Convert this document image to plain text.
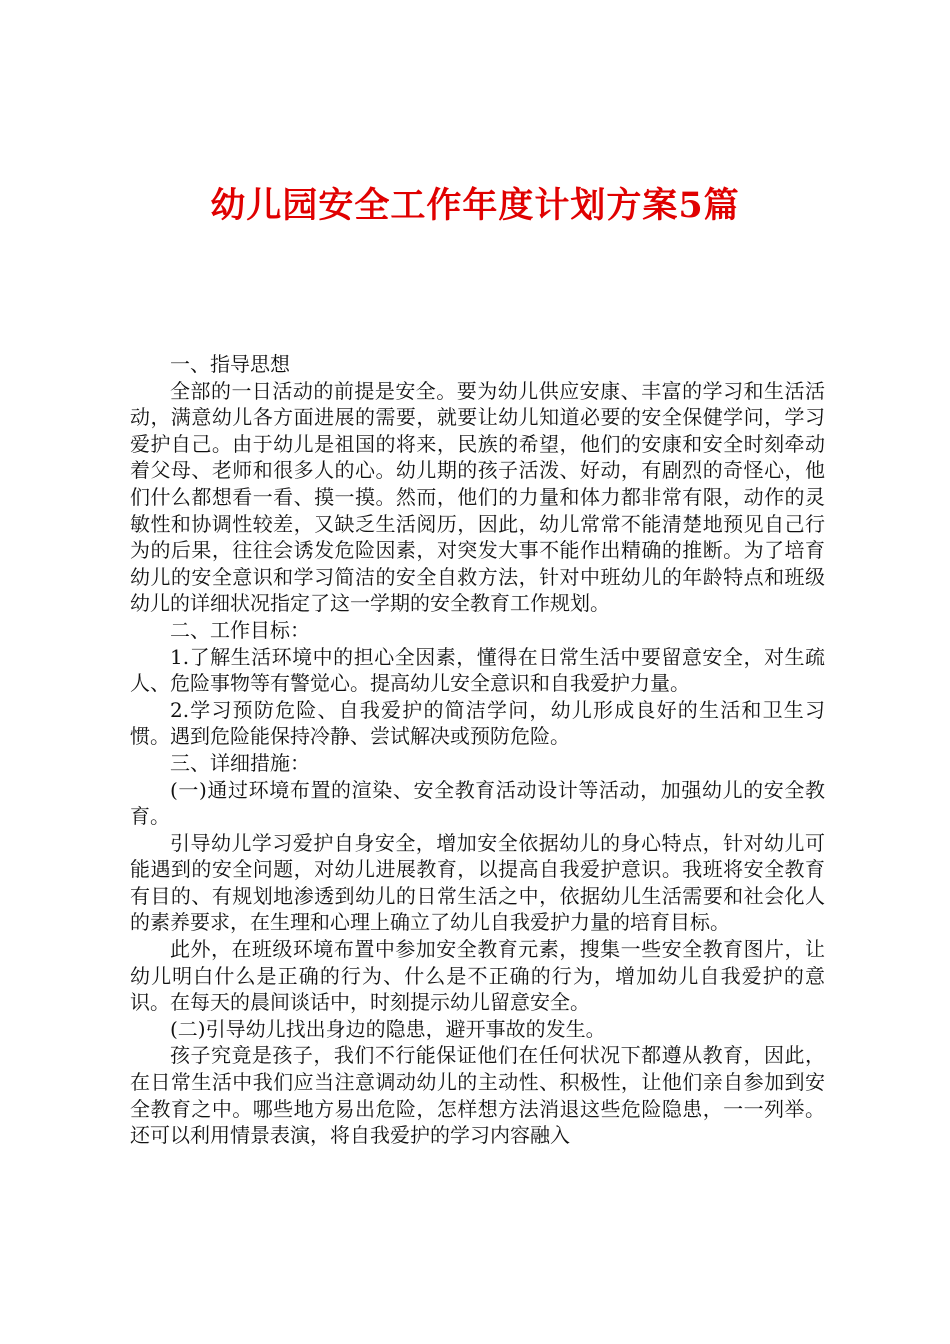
幼儿园安全工作年度计划方案5篇

一、指导思想

全部的一日活动的前提是安全。要为幼儿供应安康、丰富的学习和生活活动，满意幼儿各方面进展的需要，就要让幼儿知道必要的安全保健学问，学习爱护自己。由于幼儿是祖国的将来，民族的希望，他们的安康和安全时刻牵动着父母、老师和很多人的心。幼儿期的孩子活泼、好动，有剧烈的奇怪心，他们什么都想看一看、摸一摸。然而，他们的力量和体力都非常有限，动作的灵敏性和协调性较差，又缺乏生活阅历，因此，幼儿常常不能清楚地预见自己行为的后果，往往会诱发危险因素，对突发大事不能作出精确的推断。为了培育幼儿的安全意识和学习简洁的安全自救方法，针对中班幼儿的年龄特点和班级幼儿的详细状况指定了这一学期的安全教育工作规划。

二、工作目标：

1.了解生活环境中的担心全因素，懂得在日常生活中要留意安全，对生疏人、危险事物等有警觉心。提高幼儿安全意识和自我爱护力量。

2.学习预防危险、自我爱护的简洁学问，幼儿形成良好的生活和卫生习惯。遇到危险能保持冷静、尝试解决或预防危险。

三、详细措施：

(一)通过环境布置的渲染、安全教育活动设计等活动，加强幼儿的安全教育。

引导幼儿学习爱护自身安全，增加安全依据幼儿的身心特点，针对幼儿可能遇到的安全问题，对幼儿进展教育，以提高自我爱护意识。我班将安全教育有目的、有规划地渗透到幼儿的日常生活之中，依据幼儿生活需要和社会化人的素养要求，在生理和心理上确立了幼儿自我爱护力量的培育目标。

此外，在班级环境布置中参加安全教育元素，搜集一些安全教育图片，让幼儿明白什么是正确的行为、什么是不正确的行为，增加幼儿自我爱护的意识。在每天的晨间谈话中，时刻提示幼儿留意安全。

(二)引导幼儿找出身边的隐患，避开事故的发生。

孩子究竟是孩子，我们不行能保证他们在任何状况下都遵从教育，因此，在日常生活中我们应当注意调动幼儿的主动性、积极性，让他们亲自参加到安全教育之中。哪些地方易出危险，怎样想方法消退这些危险隐患，一一列举。还可以利用情景表演，将自我爱护的学习内容融入
